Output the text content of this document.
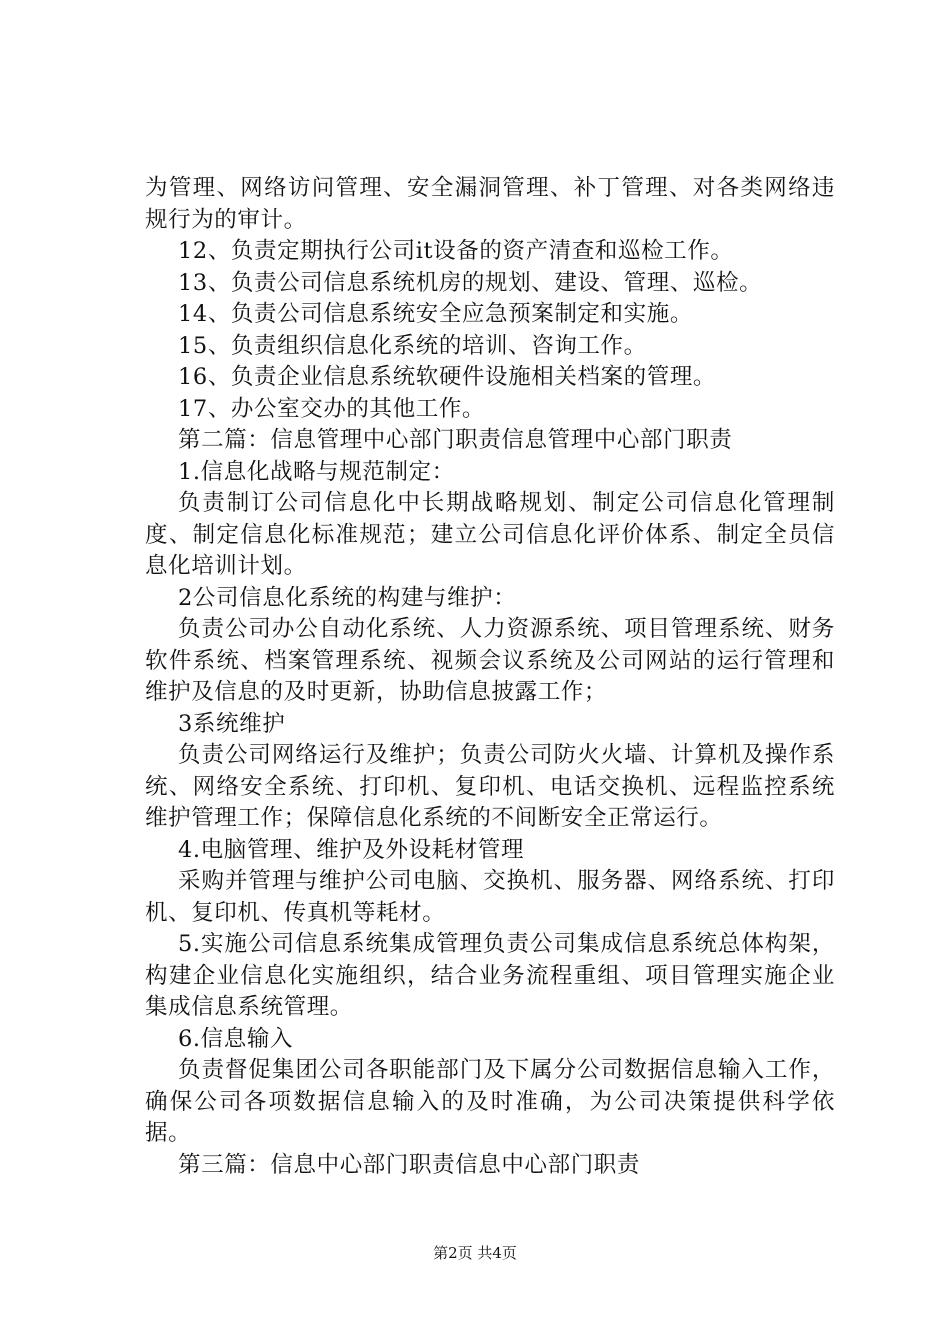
为管理、网络访问管理、安全漏洞管理、补丁管理、对各类网络违规行为的审计。

12、负责定期执行公司it设备的资产清查和巡检工作。

13、负责公司信息系统机房的规划、建设、管理、巡检。

14、负责公司信息系统安全应急预案制定和实施。

15、负责组织信息化系统的培训、咨询工作。

16、负责企业信息系统软硬件设施相关档案的管理。

17、办公室交办的其他工作。

第二篇：信息管理中心部门职责信息管理中心部门职责

1.信息化战略与规范制定：

负责制订公司信息化中长期战略规划、制定公司信息化管理制度、制定信息化标准规范；建立公司信息化评价体系、制定全员信息化培训计划。

2公司信息化系统的构建与维护：

负责公司办公自动化系统、人力资源系统、项目管理系统、财务软件系统、档案管理系统、视频会议系统及公司网站的运行管理和维护及信息的及时更新，协助信息披露工作；

3系统维护

负责公司网络运行及维护；负责公司防火火墙、计算机及操作系统、网络安全系统、打印机、复印机、电话交换机、远程监控系统维护管理工作；保障信息化系统的不间断安全正常运行。

4.电脑管理、维护及外设耗材管理

采购并管理与维护公司电脑、交换机、服务器、网络系统、打印机、复印机、传真机等耗材。

5.实施公司信息系统集成管理负责公司集成信息系统总体构架，构建企业信息化实施组织，结合业务流程重组、项目管理实施企业集成信息系统管理。

6.信息输入

负责督促集团公司各职能部门及下属分公司数据信息输入工作，确保公司各项数据信息输入的及时准确，为公司决策提供科学依据。

第三篇：信息中心部门职责信息中心部门职责

第2页 共4页
